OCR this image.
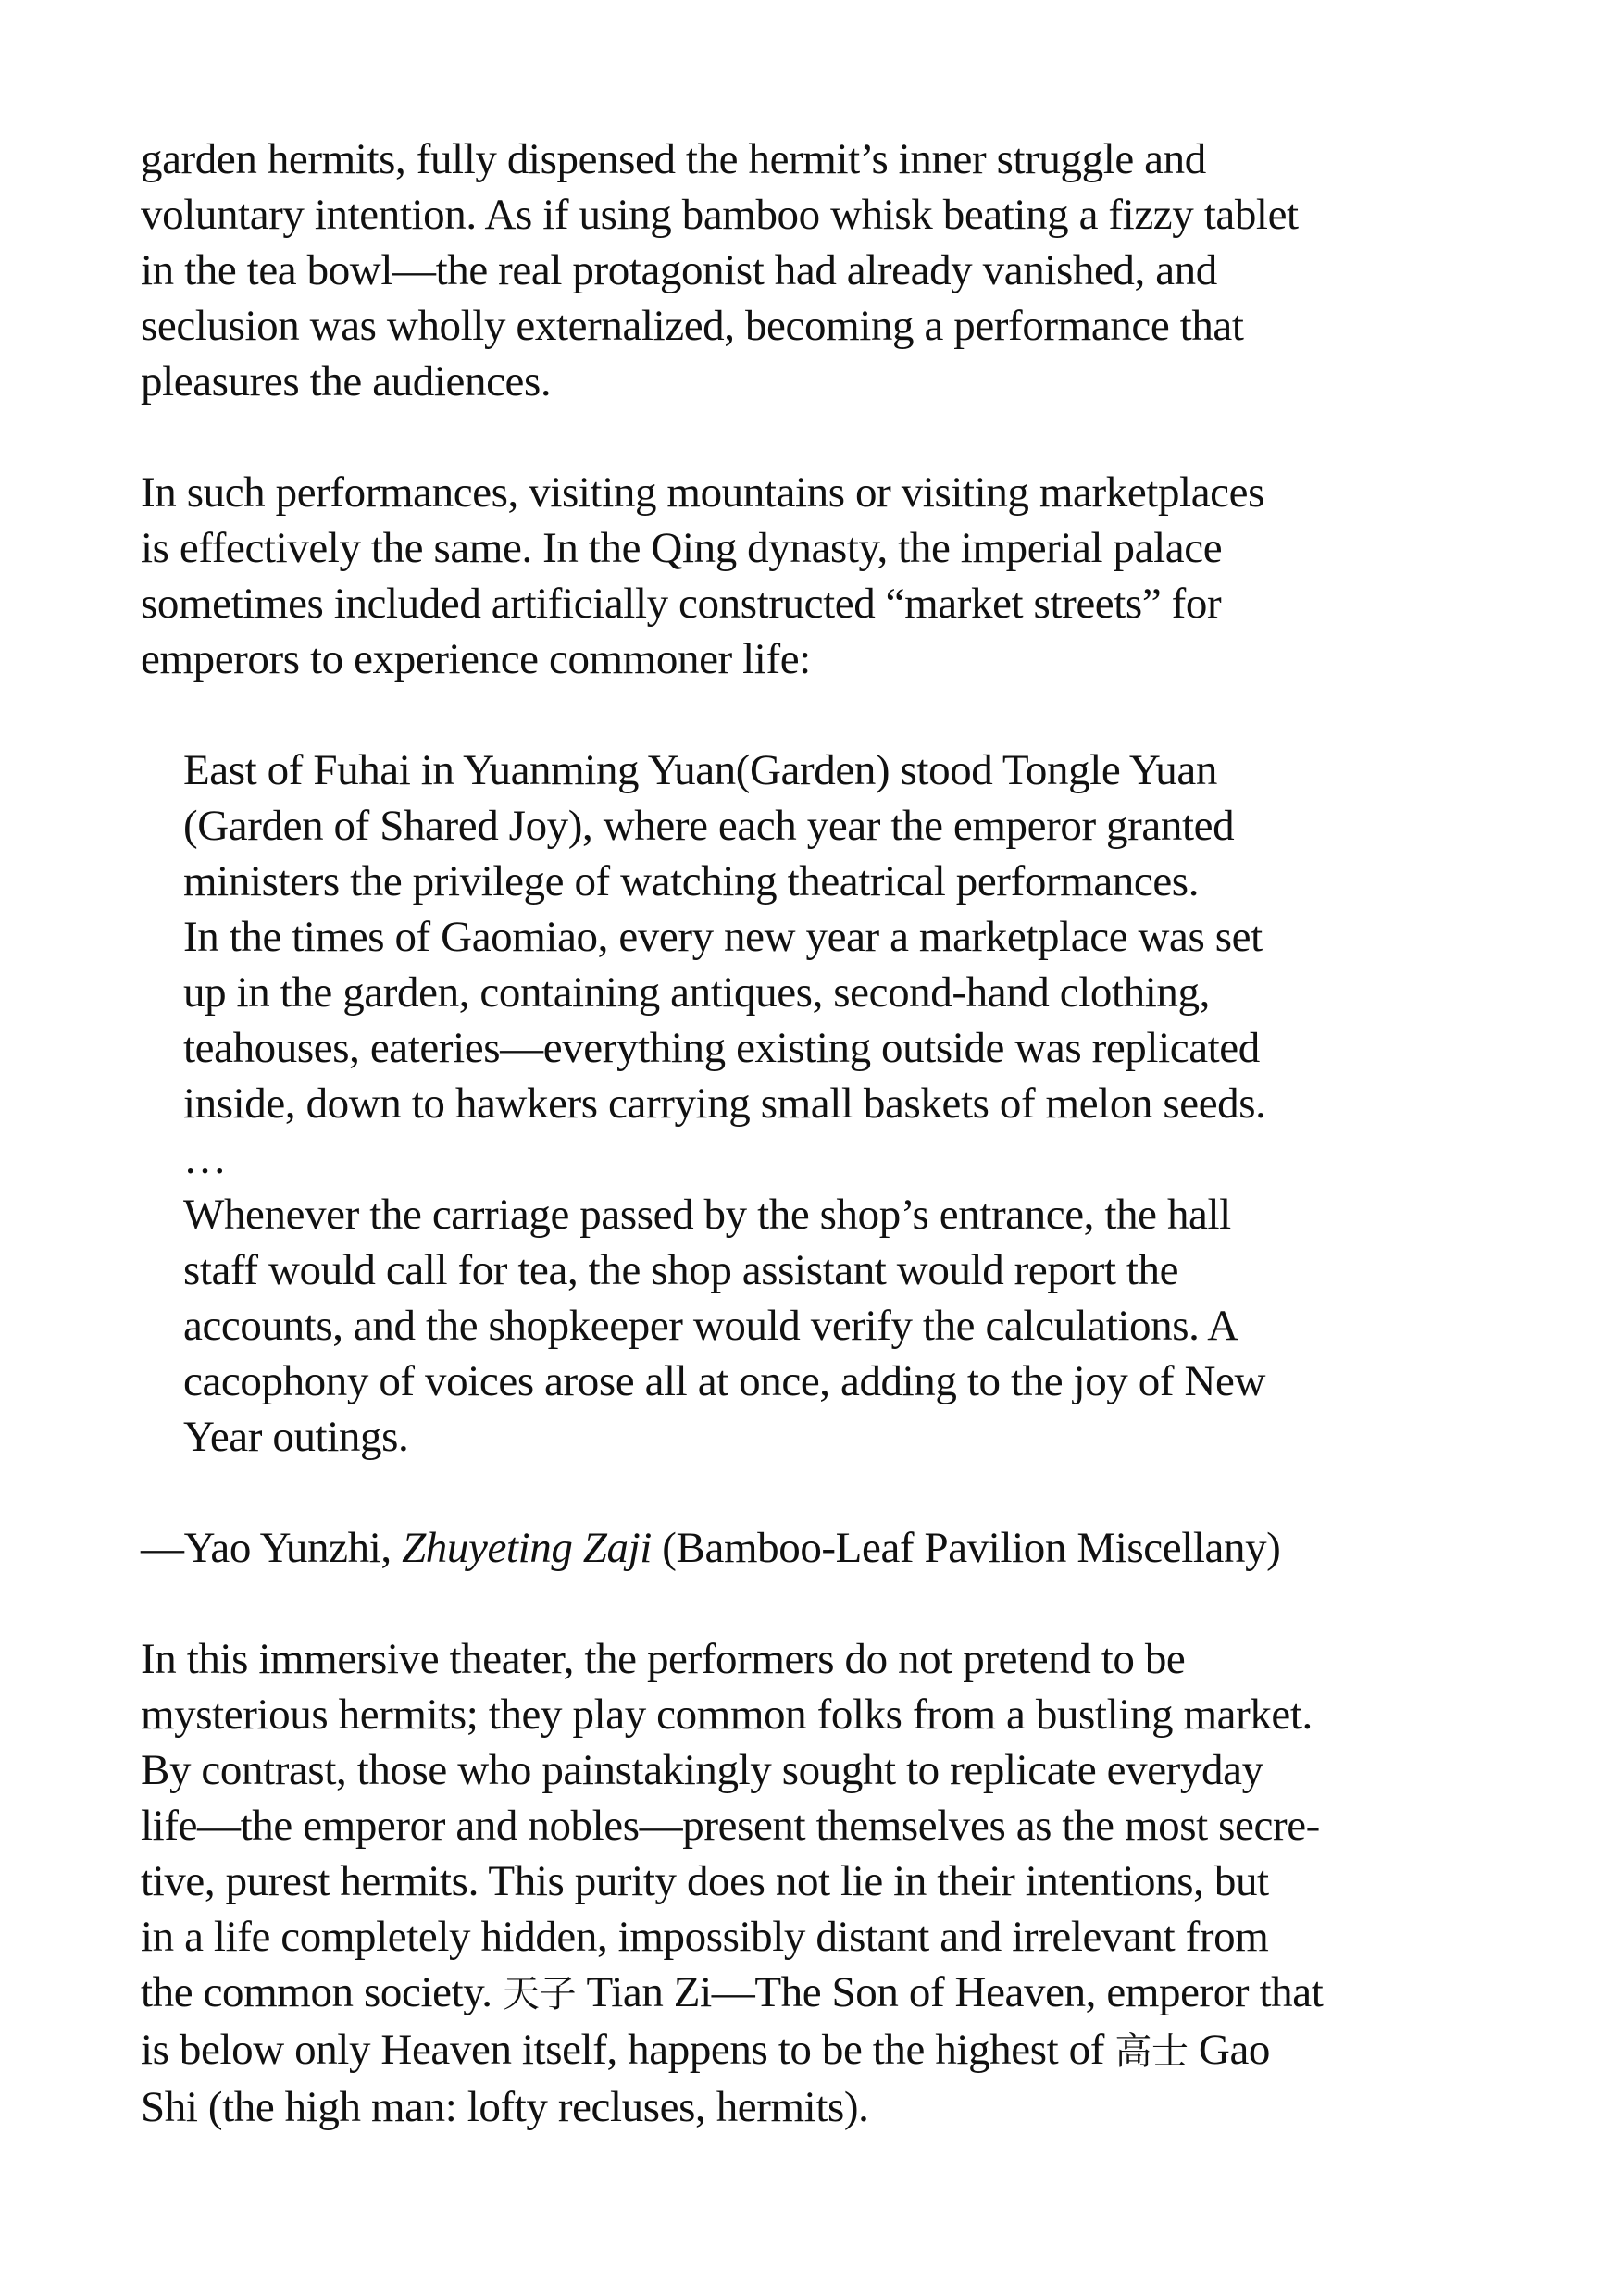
garden hermits, fully dispensed the hermit’s inner struggle and
voluntary intention. As if using bamboo whisk beating a fizzy tablet
in the tea bowl—the real protagonist had already vanished, and
seclusion was wholly externalized, becoming a performance that
pleasures the audiences.

In such performances, visiting mountains or visiting marketplaces
is effectively the same. In the Qing dynasty, the imperial palace
sometimes included artificially constructed “market streets” for
emperors to experience commoner life:

East of Fuhai in Yuanming Yuan(Garden) stood Tongle Yuan
(Garden of Shared Joy), where each year the emperor granted
ministers the privilege of watching theatrical performances.
In the times of Gaomiao, every new year a marketplace was set
up in the garden, containing antiques, second-hand clothing,
teahouses, eateries—everything existing outside was replicated
inside, down to hawkers carrying small baskets of melon seeds.
…
Whenever the carriage passed by the shop’s entrance, the hall
staff would call for tea, the shop assistant would report the
accounts, and the shopkeeper would verify the calculations. A
cacophony of voices arose all at once, adding to the joy of New
Year outings.

—Yao Yunzhi, Zhuyeting Zaji (Bamboo-Leaf Pavilion Miscellany)

In this immersive theater, the performers do not pretend to be
mysterious hermits; they play common folks from a bustling market.
By contrast, those who painstakingly sought to replicate everyday
life—the emperor and nobles—present themselves as the most secre-
tive, purest hermits. This purity does not lie in their intentions, but
in a life completely hidden, impossibly distant and irrelevant from
the common society. 天子 Tian Zi—The Son of Heaven, emperor that
is below only Heaven itself, happens to be the highest of 高士 Gao
Shi (the high man: lofty recluses, hermits).
